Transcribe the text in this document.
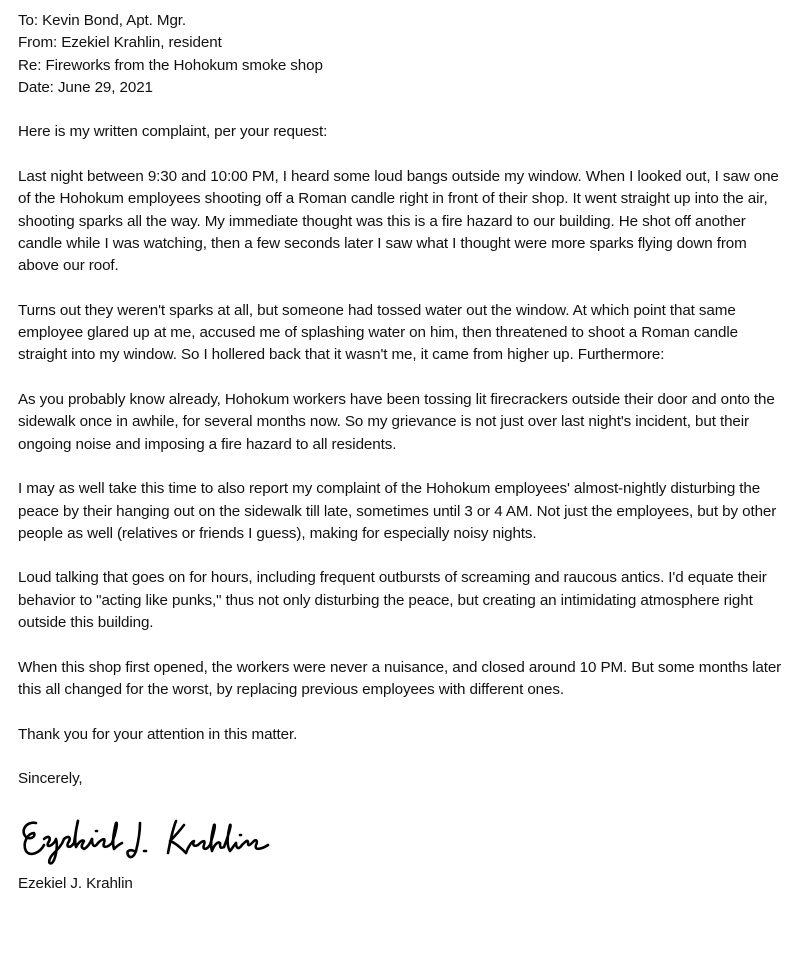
To: Kevin Bond, Apt. Mgr.
From: Ezekiel Krahlin, resident
Re: Fireworks from the Hohokum smoke shop
Date: June 29, 2021

Here is my written complaint, per your request:

Last night between 9:30 and 10:00 PM, I heard some loud bangs outside my window. When I looked out, I saw one of the Hohokum employees shooting off a Roman candle right in front of their shop. It went straight up into the air, shooting sparks all the way. My immediate thought was this is a fire hazard to our building. He shot off another candle while I was watching, then a few seconds later I saw what I thought were more sparks flying down from above our roof.

Turns out they weren't sparks at all, but someone had tossed water out the window. At which point that same employee glared up at me, accused me of splashing water on him, then threatened to shoot a Roman candle straight into my window. So I hollered back that it wasn't me, it came from higher up. Furthermore:

As you probably know already, Hohokum workers have been tossing lit firecrackers outside their door and onto the sidewalk once in awhile, for several months now. So my grievance is not just over last night's incident, but their ongoing noise and imposing a fire hazard to all residents.

I may as well take this time to also report my complaint of the Hohokum employees' almost-nightly disturbing the peace by their hanging out on the sidewalk till late, sometimes until 3 or 4 AM. Not just the employees, but by other people as well (relatives or friends I guess), making for especially noisy nights.

Loud talking that goes on for hours, including frequent outbursts of screaming and raucous antics. I'd equate their behavior to "acting like punks," thus not only disturbing the peace, but creating an intimidating atmosphere right outside this building.

When this shop first opened, the workers were never a nuisance, and closed around 10 PM. But some months later this all changed for the worst, by replacing previous employees with different ones.

Thank you for your attention in this matter.

Sincerely,

Ezekiel J. Krahlin
